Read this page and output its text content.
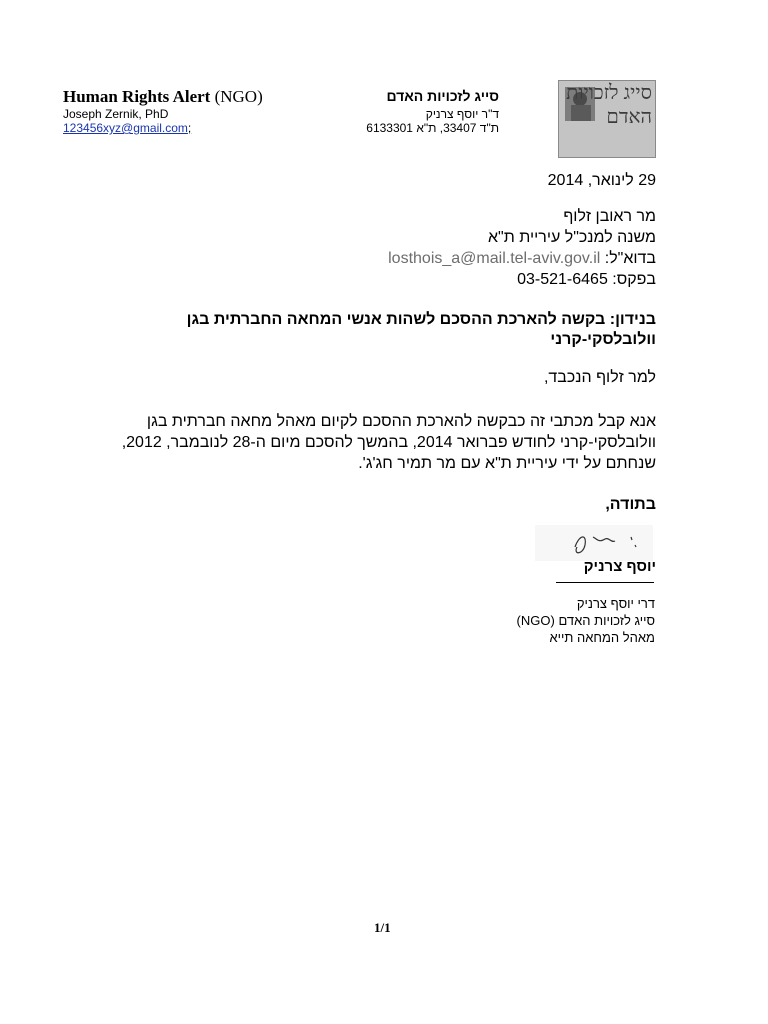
Human Rights Alert (NGO)
Joseph Zernik, PhD
123456xyz@gmail.com;
סייג לזכויות האדם
ד"ר יוסף צרניק
ת"ד 33407, ת"א 6133301
סייג לזכויות האדם
29 לינואר, 2014
מר ראובן זלוף
משנה למנכ"ל עיריית ת"א
בדוא"ל: losthois_a@mail.tel-aviv.gov.il
בפקס: 03-521-6465
בנידון: בקשה להארכת ההסכם לשהות אנשי המחאה החברתית בגן וולובלסקי-קרני
למר זלוף הנכבד,
אנא קבל מכתבי זה כבקשה להארכת ההסכם לקיום מאהל מחאה חברתית בגן וולובלסקי-קרני לחודש פברואר 2014, בהמשך להסכם מיום ה-28 לנובמבר, 2012, שנחתם על ידי עיריית ת"א עם מר תמיר חג'ג'.
בתודה,
יוסף צרניק
דרי יוסף צרניק
סייג לזכויות האדם (NGO)
מאהל המחאה תייא
1/1
